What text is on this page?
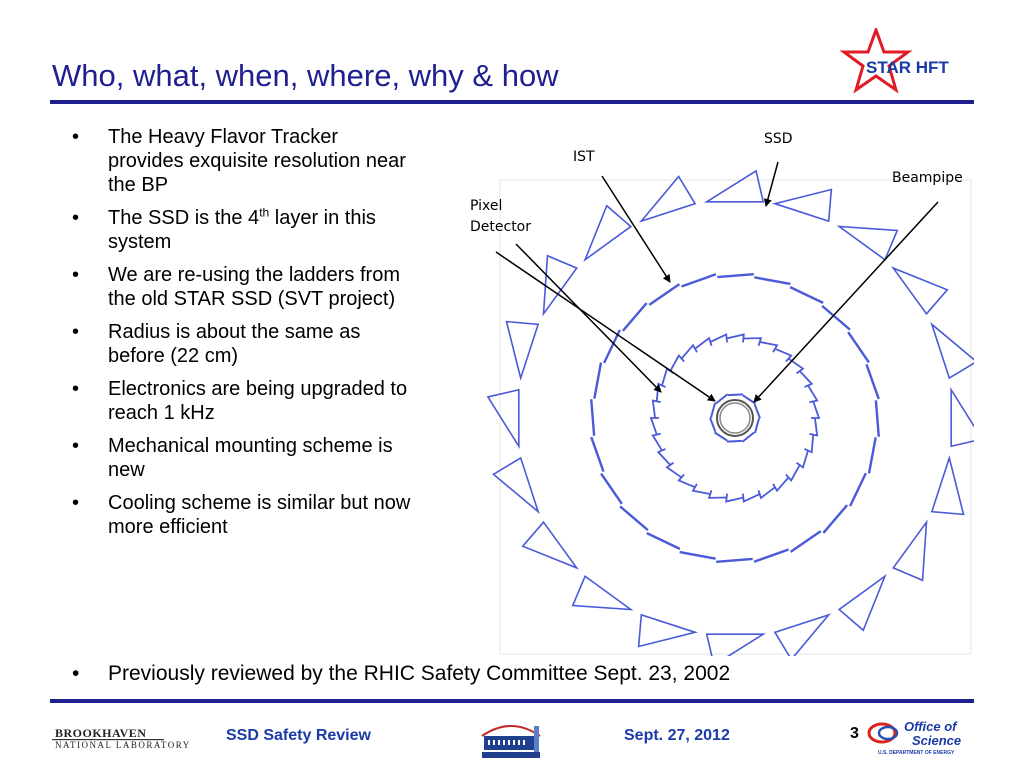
Who, what, when, where, why & how	STAR HFT
• The Heavy Flavor Tracker provides exquisite resolution near the BP
• The SSD is the 4th layer in this system
• We are re-using the ladders from the old STAR SSD (SVT project)
• Radius is about the same as before (22 cm)
• Electronics are being upgraded to reach 1 kHz
• Mechanical mounting scheme is new
• Cooling scheme is similar but now more efficient
SSD
IST
Beampipe
Pixel
Detector
• Previously reviewed by the RHIC Safety Committee Sept. 23, 2002
BROOKHAVEN
NATIONAL LABORATORY
SSD Safety Review	Sept. 27, 2012	3	Office of
Science
U.S. DEPARTMENT OF ENERGY
